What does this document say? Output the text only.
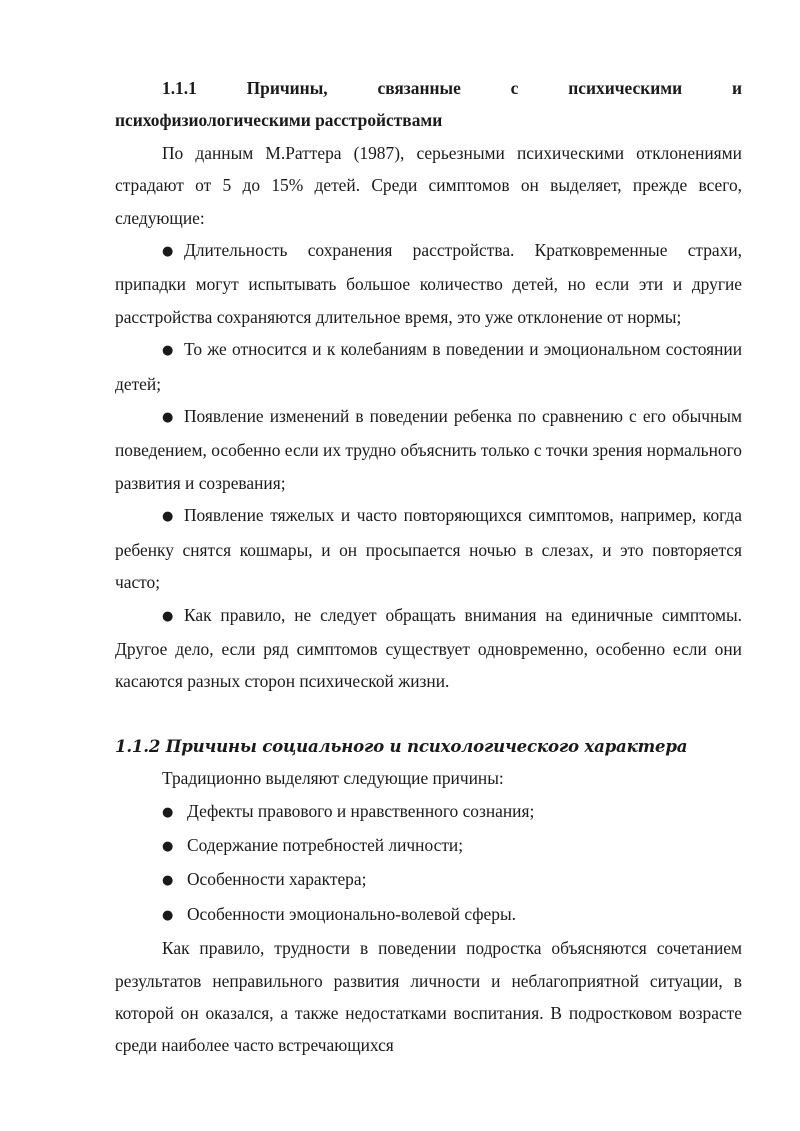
1.1.1	Причины,	связанные	с	психическими	и
психофизиологическими расстройствами

По данным М.Раттера (1987), серьезными психическими отклонениями страдают от 5 до 15% детей. Среди симптомов он выделяет, прежде всего, следующие:

● Длительность сохранения расстройства. Кратковременные страхи, припадки могут испытывать большое количество детей, но если эти и другие расстройства сохраняются длительное время, это уже отклонение от нормы;

● То же относится и к колебаниям в поведении и эмоциональном состоянии детей;

● Появление изменений в поведении ребенка по сравнению с его обычным поведением, особенно если их трудно объяснить только с точки зрения нормального развития и созревания;

● Появление тяжелых и часто повторяющихся симптомов, например, когда ребенку снятся кошмары, и он просыпается ночью в слезах, и это повторяется часто;

● Как правило, не следует обращать внимания на единичные симптомы. Другое дело, если ряд симптомов существует одновременно, особенно если они касаются разных сторон психической жизни.

1.1.2 Причины социального и психологического характера

Традиционно выделяют следующие причины:

● Дефекты правового и нравственного сознания;

● Содержание потребностей личности;

● Особенности характера;

● Особенности эмоционально-волевой сферы.

Как правило, трудности в поведении подростка объясняются сочетанием результатов неправильного развития личности и неблагоприятной ситуации, в которой он оказался, а также недостатками воспитания. В подростковом возрасте среди наиболее часто встречающихся
